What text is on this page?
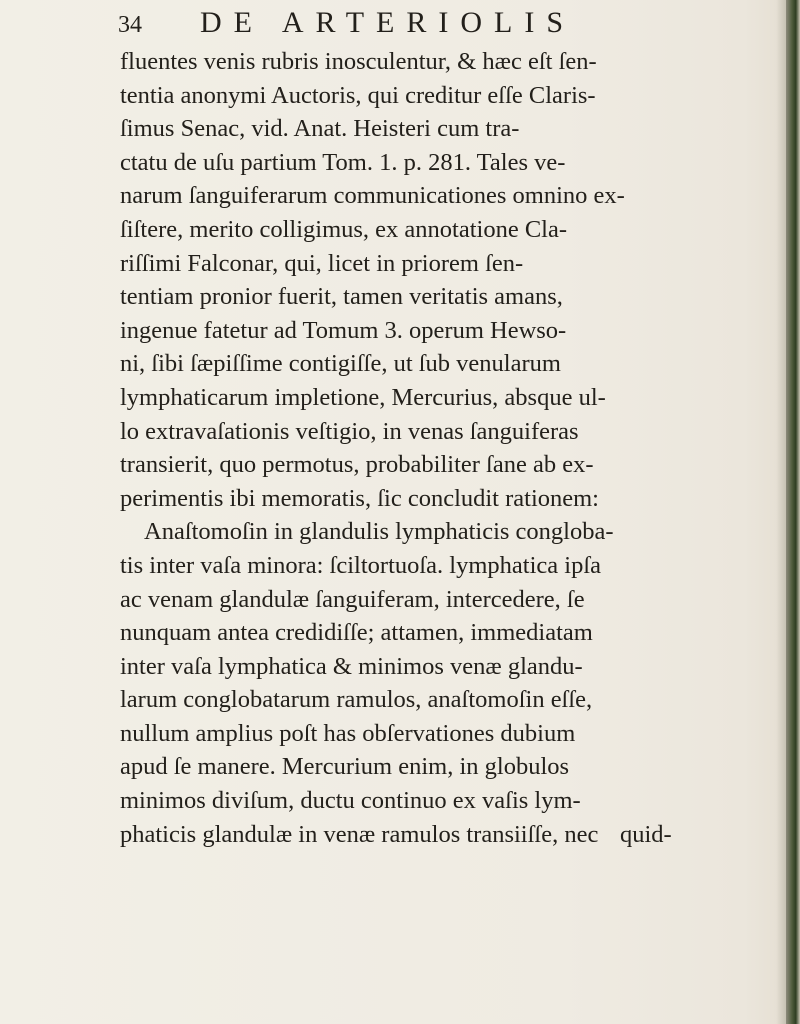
34 DE ARTERIOLIS
fluentes venis rubris inosculentur, & hæc eſt ſen-
tentia anonymi Auctoris, qui creditur eſſe Claris-
ſimus Senac, vid. Anat. Heisteri cum tra-
ctatu de uſu partium Tom. 1. p. 281. Tales ve-
narum ſanguiferarum communicationes omnino ex-
ſiſtere, merito colligimus, ex annotatione Cla-
riſſimi Falconar, qui, licet in priorem ſen-
tentiam pronior fuerit, tamen veritatis amans,
ingenue fatetur ad Tomum 3. operum Hewso-
ni, ſibi ſæpiſſime contigiſſe, ut ſub venularum
lymphaticarum impletione, Mercurius, absque ul-
lo extravaſationis veſtigio, in venas ſanguiferas
transierit, quo permotus, probabiliter ſane ab ex-
perimentis ibi memoratis, ſic concludit rationem:
Anaſtomoſin in glandulis lymphaticis congloba-
tis inter vaſa minora: ſciltortuoſa. lymphatica ipſa
ac venam glandulæ ſanguiferam, intercedere, ſe
nunquam antea credidiſſe; attamen, immediatam
inter vaſa lymphatica & minimos venæ glandu-
larum conglobatarum ramulos, anaſtomoſin eſſe,
nullum amplius poſt has obſervationes dubium
apud ſe manere. Mercurium enim, in globulos
minimos diviſum, ductu continuo ex vaſis lym-
phaticis glandulæ in venæ ramulos transiiſſe, nec quid-
